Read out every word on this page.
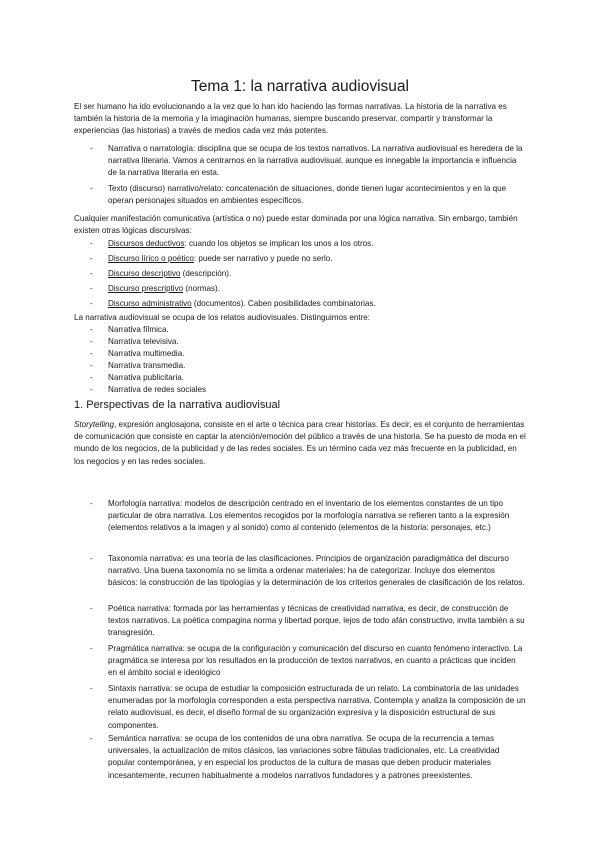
Tema 1: la narrativa audiovisual

El ser humano ha ido evolucionando a la vez que lo han ido haciendo las formas narrativas. La historia de la narrativa es también la historia de la memoria y la imaginación humanas, siempre buscando preservar, compartir y transformar la experiencias (las historias) a través de medios cada vez más potentes.

- Narrativa o narratología: disciplina que se ocupa de los textos narrativos. La narrativa audiovisual es heredera de la narrativa literaria. Vamos a centrarnos en la narrativa audiovisual, aunque es innegable la importancia e influencia de la narrativa literaria en esta.
- Texto (discurso) narrativo/relato: concatenación de situaciones, donde tienen lugar acontecimientos y en la que operan personajes situados en ambientes específicos.

Cualquier manifestación comunicativa (artística o no) puede estar dominada por una lógica narrativa. Sin embargo, también existen otras lógicas discursivas:

- Discursos deductivos: cuando los objetos se implican los unos a los otros.
- Discurso lírico o poético: puede ser narrativo y puede no serlo.
- Discurso descriptivo (descripción).
- Discurso prescriptivo (normas).
- Discurso administrativo (documentos). Caben posibilidades combinatorias.

La narrativa audiovisual se ocupa de los relatos audiovisuales. Distinguimos entre:

- Narrativa fílmica.
- Narrativa televisiva.
- Narrativa multimedia.
- Narrativa transmedia.
- Narrativa publicitaria.
- Narrativa de redes sociales
1. Perspectivas de la narrativa audiovisual

Storytelling, expresión anglosajona, consiste en el arte o técnica para crear historias. Es decir, es el conjunto de herramientas de comunicación que consiste en captar la atención/emoción del público a través de una historia. Se ha puesto de moda en el mundo de los negocios, de la publicidad y de las redes sociales. Es un término cada vez más frecuente en la publicidad, en los negocios y en las redes sociales.

- Morfología narrativa: modelos de descripción centrado en el inventario de los elementos constantes de un tipo particular de obra narrativa. Los elementos recogidos por la morfología narrativa se refieren tanto a la expresión (elementos relativos a la imagen y al sonido) como al contenido (elementos de la historia: personajes, etc.)
- Taxonomía narrativa: es una teoría de las clasificaciones. Principios de organización paradigmática del discurso narrativo. Una buena taxonomía no se limita a ordenar materiales: ha de categorizar. Incluye dos elementos básicos: la construcción de las tipologías y la determinación de los criterios generales de clasificación de los relatos.
- Poética narrativa: formada por las herramientas y técnicas de creatividad narrativa, es decir, de construcción de textos narrativos. La poética compagina norma y libertad porque, lejos de todo afán constructivo, invita también a su transgresión.
- Pragmática narrativa: se ocupa de la configuración y comunicación del discurso en cuanto fenómeno interactivo. La pragmática se interesa por los resultados en la producción de textos narrativos, en cuanto a prácticas que inciden en el ámbito social e ideológico
- Sintaxis narrativa: se ocupa de estudiar la composición estructurada de un relato. La combinatoria de las unidades enumeradas por la morfología corresponden a esta perspectiva narrativa. Contempla y analiza la composición de un relato audiovisual, es decir, el diseño formal de su organización expresiva y la disposición estructural de sus componentes.
- Semántica narrativa: se ocupa de los contenidos de una obra narrativa. Se ocupa de la recurrencia a temas universales, la actualización de mitos clásicos, las variaciones sobre fábulas tradicionales, etc. La creatividad popular contemporánea, y en especial los productos de la cultura de masas que deben producir materiales incesantemente, recurren habitualmente a modelos narrativos fundadores y a patrones preexistentes.
